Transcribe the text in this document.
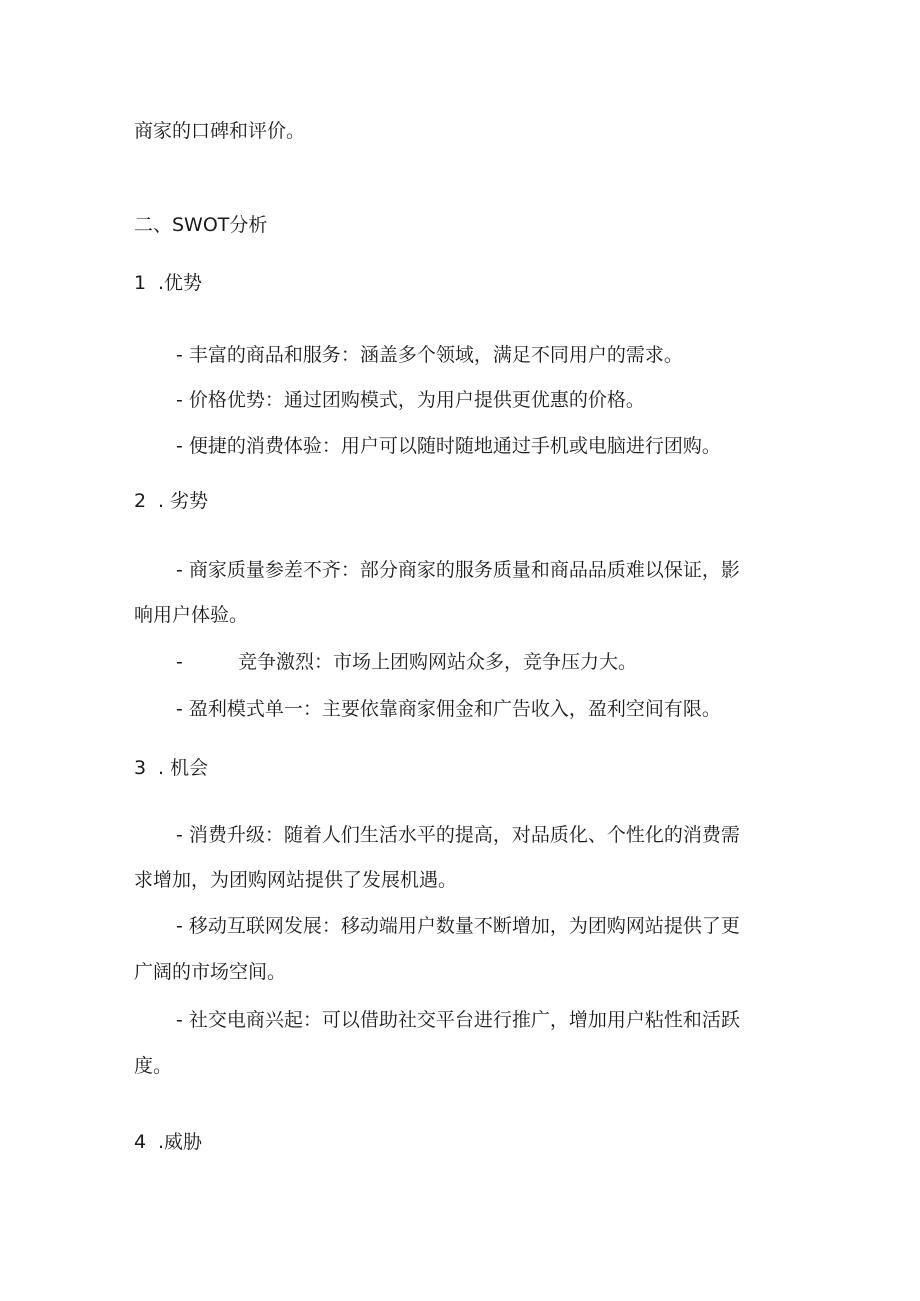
商家的口碑和评价。

二、SWOT分析

1 .优势

- 丰富的商品和服务：涵盖多个领域，满足不同用户的需求。

- 价格优势：通过团购模式，为用户提供更优惠的价格。

- 便捷的消费体验：用户可以随时随地通过手机或电脑进行团购。

2 . 劣势

- 商家质量参差不齐：部分商家的服务质量和商品品质难以保证，影

响用户体验。

-	竞争激烈：市场上团购网站众多，竞争压力大。

- 盈利模式单一：主要依靠商家佣金和广告收入，盈利空间有限。

3 . 机会

- 消费升级：随着人们生活水平的提高，对品质化、个性化的消费需

求增加，为团购网站提供了发展机遇。

- 移动互联网发展：移动端用户数量不断增加，为团购网站提供了更

广阔的市场空间。

- 社交电商兴起：可以借助社交平台进行推广，增加用户粘性和活跃

度。

4 .威胁
